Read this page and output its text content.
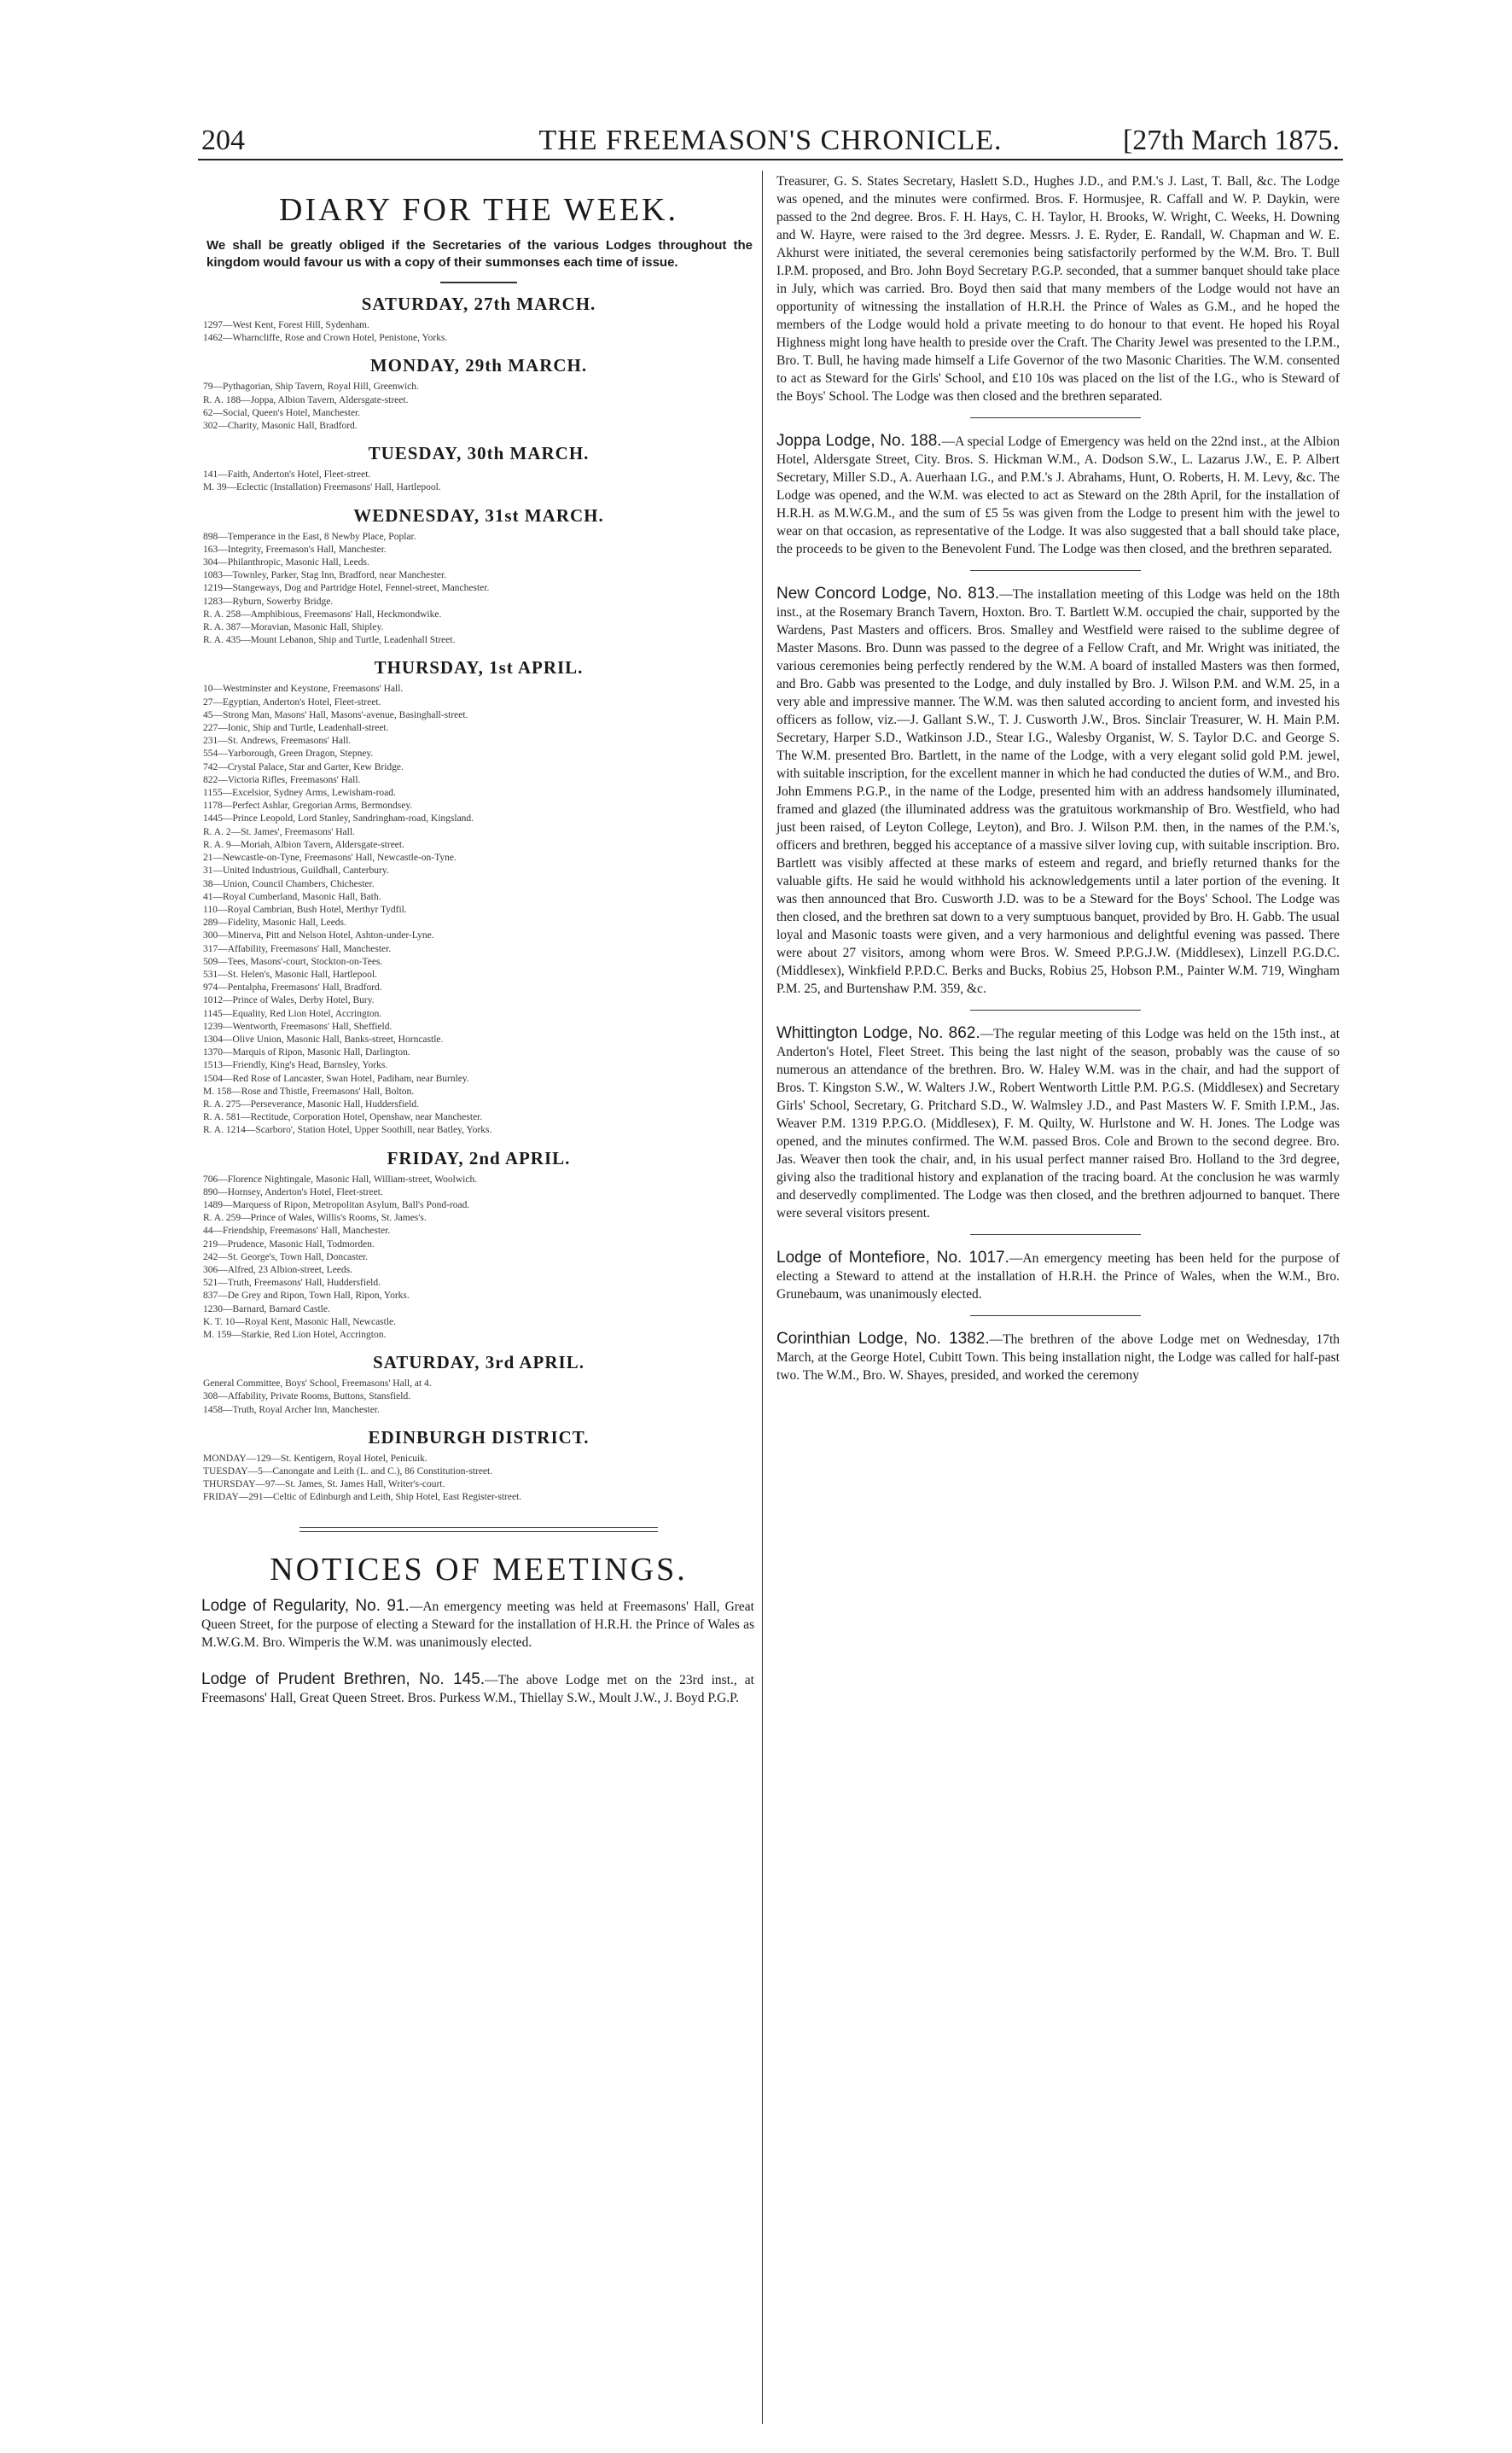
204	THE FREEMASON'S CHRONICLE.	[27th March 1875.
DIARY FOR THE WEEK.
We shall be greatly obliged if the Secretaries of the various Lodges throughout the kingdom would favour us with a copy of their summonses each time of issue.
SATURDAY, 27th MARCH.
1297—West Kent, Forest Hill, Sydenham.
1462—Wharncliffe, Rose and Crown Hotel, Penistone, Yorks.
MONDAY, 29th MARCH.
79—Pythagorian, Ship Tavern, Royal Hill, Greenwich.
R. A. 188—Joppa, Albion Tavern, Aldersgate-street.
62—Social, Queen's Hotel, Manchester.
302—Charity, Masonic Hall, Bradford.
TUESDAY, 30th MARCH.
141—Faith, Anderton's Hotel, Fleet-street.
M. 39—Eclectic (Installation) Freemasons' Hall, Hartlepool.
WEDNESDAY, 31st MARCH.
898—Temperance in the East, 8 Newby Place, Poplar.
163—Integrity, Freemason's Hall, Manchester.
304—Philanthropic, Masonic Hall, Leeds.
1083—Townley, Parker, Stag Inn, Bradford, near Manchester.
1219—Stangeways, Dog and Partridge Hotel, Fennel-street, Manchester.
1283—Ryburn, Sowerby Bridge.
R. A. 258—Amphibious, Freemasons' Hall, Heckmondwike.
R. A. 387—Moravian, Masonic Hall, Shipley.
R. A. 435—Mount Lebanon, Ship and Turtle, Leadenhall Street.
THURSDAY, 1st APRIL.
10—Westminster and Keystone, Freemasons' Hall.
27—Egyptian, Anderton's Hotel, Fleet-street.
45—Strong Man, Masons' Hall, Masons'-avenue, Basinghall-street.
227—Ionic, Ship and Turtle, Leadenhall-street.
231—St. Andrews, Freemasons' Hall.
554—Yarborough, Green Dragon, Stepney.
742—Crystal Palace, Star and Garter, Kew Bridge.
822—Victoria Rifles, Freemasons' Hall.
1155—Excelsior, Sydney Arms, Lewisham-road.
1178—Perfect Ashlar, Gregorian Arms, Bermondsey.
1445—Prince Leopold, Lord Stanley, Sandringham-road, Kingsland.
R. A. 2—St. James', Freemasons' Hall.
R. A. 9—Moriah, Albion Tavern, Aldersgate-street.
21—Newcastle-on-Tyne, Freemasons' Hall, Newcastle-on-Tyne.
31—United Industrious, Guildhall, Canterbury.
38—Union, Council Chambers, Chichester.
41—Royal Cumberland, Masonic Hall, Bath.
110—Royal Cambrian, Bush Hotel, Merthyr Tydfil.
289—Fidelity, Masonic Hall, Leeds.
300—Minerva, Pitt and Nelson Hotel, Ashton-under-Lyne.
317—Affability, Freemasons' Hall, Manchester.
509—Tees, Masons'-court, Stockton-on-Tees.
531—St. Helen's, Masonic Hall, Hartlepool.
974—Pentalpha, Freemasons' Hall, Bradford.
1012—Prince of Wales, Derby Hotel, Bury.
1145—Equality, Red Lion Hotel, Accrington.
1239—Wentworth, Freemasons' Hall, Sheffield.
1304—Olive Union, Masonic Hall, Banks-street, Horncastle.
1370—Marquis of Ripon, Masonic Hall, Darlington.
1513—Friendly, King's Head, Barnsley, Yorks.
1504—Red Rose of Lancaster, Swan Hotel, Padiham, near Burnley.
M. 158—Rose and Thistle, Freemasons' Hall, Bolton.
R. A. 275—Perseverance, Masonic Hall, Huddersfield.
R. A. 581—Rectitude, Corporation Hotel, Openshaw, near Manchester.
R. A. 1214—Scarboro', Station Hotel, Upper Soothill, near Batley, Yorks.
FRIDAY, 2nd APRIL.
706—Florence Nightingale, Masonic Hall, William-street, Woolwich.
890—Hornsey, Anderton's Hotel, Fleet-street.
1489—Marquess of Ripon, Metropolitan Asylum, Ball's Pond-road.
R. A. 259—Prince of Wales, Willis's Rooms, St. James's.
44—Friendship, Freemasons' Hall, Manchester.
219—Prudence, Masonic Hall, Todmorden.
242—St. George's, Town Hall, Doncaster.
306—Alfred, 23 Albion-street, Leeds.
521—Truth, Freemasons' Hall, Huddersfield.
837—De Grey and Ripon, Town Hall, Ripon, Yorks.
1230—Barnard, Barnard Castle.
K. T. 10—Royal Kent, Masonic Hall, Newcastle.
M. 159—Starkie, Red Lion Hotel, Accrington.
SATURDAY, 3rd APRIL.
General Committee, Boys' School, Freemasons' Hall, at 4.
308—Affability, Private Rooms, Buttons, Stansfield.
1458—Truth, Royal Archer Inn, Manchester.
EDINBURGH DISTRICT.
MONDAY—129—St. Kentigern, Royal Hotel, Penicuik.
TUESDAY—5—Canongate and Leith (L. and C.), 86 Constitution-street.
THURSDAY—97—St. James, St. James Hall, Writer's-court.
FRIDAY—291—Celtic of Edinburgh and Leith, Ship Hotel, East Register-street.
NOTICES OF MEETINGS.

Lodge of Regularity, No. 91.—An emergency meeting was held at Freemasons' Hall, Great Queen Street, for the purpose of electing a Steward for the installation of H.R.H. the Prince of Wales as M.W.G.M. Bro. Wimperis the W.M. was unanimously elected.

Lodge of Prudent Brethren, No. 145.—The above Lodge met on the 23rd inst., at Freemasons' Hall, Great Queen Street. Bros. Purkess W.M., Thiellay S.W., Moult J.W., J. Boyd P.G.P.

Treasurer, G. S. States Secretary, Haslett S.D., Hughes J.D., and P.M.'s J. Last, T. Ball, &c. The Lodge was opened, and the minutes were confirmed. Bros. F. Hormusjee, R. Caffall and W. P. Daykin, were passed to the 2nd degree. Bros. F. H. Hays, C. H. Taylor, H. Brooks, W. Wright, C. Weeks, H. Downing and W. Hayre, were raised to the 3rd degree. Messrs. J. E. Ryder, E. Randall, W. Chapman and W. E. Akhurst were initiated, the several ceremonies being satisfactorily performed by the W.M. Bro. T. Bull I.P.M. proposed, and Bro. John Boyd Secretary P.G.P. seconded, that a summer banquet should take place in July, which was carried. Bro. Boyd then said that many members of the Lodge would not have an opportunity of witnessing the installation of H.R.H. the Prince of Wales as G.M., and he hoped the members of the Lodge would hold a private meeting to do honour to that event. He hoped his Royal Highness might long have health to preside over the Craft. The Charity Jewel was presented to the I.P.M., Bro. T. Bull, he having made himself a Life Governor of the two Masonic Charities. The W.M. consented to act as Steward for the Girls' School, and £10 10s was placed on the list of the I.G., who is Steward of the Boys' School. The Lodge was then closed and the brethren separated.

Joppa Lodge, No. 188.—A special Lodge of Emergency was held on the 22nd inst., at the Albion Hotel, Aldersgate Street, City. Bros. S. Hickman W.M., A. Dodson S.W., L. Lazarus J.W., E. P. Albert Secretary, Miller S.D., A. Auerhaan I.G., and P.M.'s J. Abrahams, Hunt, O. Roberts, H. M. Levy, &c. The Lodge was opened, and the W.M. was elected to act as Steward on the 28th April, for the installation of H.R.H. as M.W.G.M., and the sum of £5 5s was given from the Lodge to present him with the jewel to wear on that occasion, as representative of the Lodge. It was also suggested that a ball should take place, the proceeds to be given to the Benevolent Fund. The Lodge was then closed, and the brethren separated.

New Concord Lodge, No. 813.—The installation meeting of this Lodge was held on the 18th inst., at the Rosemary Branch Tavern, Hoxton. Bro. T. Bartlett W.M. occupied the chair, supported by the Wardens, Past Masters and officers. Bros. Smalley and Westfield were raised to the sublime degree of Master Masons. Bro. Dunn was passed to the degree of a Fellow Craft, and Mr. Wright was initiated, the various ceremonies being perfectly rendered by the W.M. A board of installed Masters was then formed, and Bro. Gabb was presented to the Lodge, and duly installed by Bro. J. Wilson P.M. and W.M. 25, in a very able and impressive manner. The W.M. was then saluted according to ancient form, and invested his officers as follow, viz.—J. Gallant S.W., T. J. Cusworth J.W., Bros. Sinclair Treasurer, W. H. Main P.M. Secretary, Harper S.D., Watkinson J.D., Stear I.G., Walesby Organist, W. S. Taylor D.C. and George S. The W.M. presented Bro. Bartlett, in the name of the Lodge, with a very elegant solid gold P.M. jewel, with suitable inscription, for the excellent manner in which he had conducted the duties of W.M., and Bro. John Emmens P.G.P., in the name of the Lodge, presented him with an address handsomely illuminated, framed and glazed (the illuminated address was the gratuitous workmanship of Bro. Westfield, who had just been raised, of Leyton College, Leyton), and Bro. J. Wilson P.M. then, in the names of the P.M.'s, officers and brethren, begged his acceptance of a massive silver loving cup, with suitable inscription. Bro. Bartlett was visibly affected at these marks of esteem and regard, and briefly returned thanks for the valuable gifts. He said he would withhold his acknowledgements until a later portion of the evening. It was then announced that Bro. Cusworth J.D. was to be a Steward for the Boys' School. The Lodge was then closed, and the brethren sat down to a very sumptuous banquet, provided by Bro. H. Gabb. The usual loyal and Masonic toasts were given, and a very harmonious and delightful evening was passed. There were about 27 visitors, among whom were Bros. W. Smeed P.P.G.J.W. (Middlesex), Linzell P.G.D.C. (Middlesex), Winkfield P.P.D.C. Berks and Bucks, Robius 25, Hobson P.M., Painter W.M. 719, Wingham P.M. 25, and Burtenshaw P.M. 359, &c.

Whittington Lodge, No. 862.—The regular meeting of this Lodge was held on the 15th inst., at Anderton's Hotel, Fleet Street. This being the last night of the season, probably was the cause of so numerous an attendance of the brethren. Bro. W. Haley W.M. was in the chair, and had the support of Bros. T. Kingston S.W., W. Walters J.W., Robert Wentworth Little P.M. P.G.S. (Middlesex) and Secretary Girls' School, Secretary, G. Pritchard S.D., W. Walmsley J.D., and Past Masters W. F. Smith I.P.M., Jas. Weaver P.M. 1319 P.P.G.O. (Middlesex), F. M. Quilty, W. Hurlstone and W. H. Jones. The Lodge was opened, and the minutes confirmed. The W.M. passed Bros. Cole and Brown to the second degree. Bro. Jas. Weaver then took the chair, and, in his usual perfect manner raised Bro. Holland to the 3rd degree, giving also the traditional history and explanation of the tracing board. At the conclusion he was warmly and deservedly complimented. The Lodge was then closed, and the brethren adjourned to banquet. There were several visitors present.

Lodge of Montefiore, No. 1017.—An emergency meeting has been held for the purpose of electing a Steward to attend at the installation of H.R.H. the Prince of Wales, when the W.M., Bro. Grunebaum, was unanimously elected.

Corinthian Lodge, No. 1382.—The brethren of the above Lodge met on Wednesday, 17th March, at the George Hotel, Cubitt Town. This being installation night, the Lodge was called for half-past two. The W.M., Bro. W. Shayes, presided, and worked the ceremony
